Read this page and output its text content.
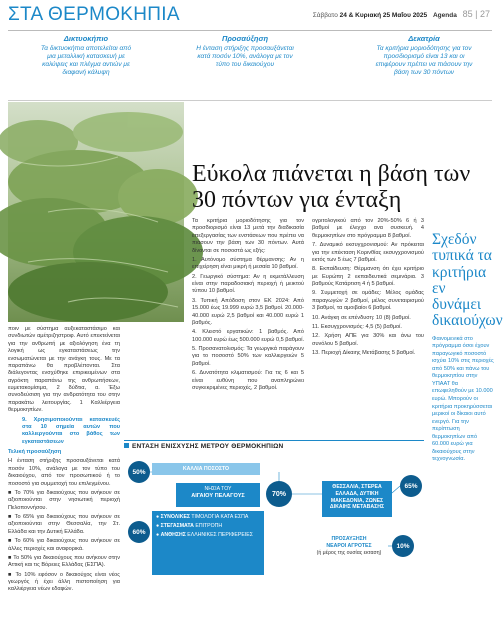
ΣΤΑ ΘΕΡΜΟΚΗΠΙΑ	Σάββατο 24 & Κυριακή 25 Μαΐου 2025 Agenda 85 | 27
Δικτυοκήπιο
Τα δικτυοκήπια αποτελείται από μια μεταλλική κατασκευή με καλύψεις και πλέγμα αντιών με διαφανή κάλυψη
Προσαύξηση
Η ένταση στήριξης προσαυξάνεται κατά ποσόν 10%, ανάλογα με τον τύπο του δικαιούχου
Δεκατρία
Τα κριτήρια μοριοδότησης για τον προσδιορισμό είναι 13 και οι επιφέρουν πρέπει να πιάσουν την βάση των 30 πόντων
Εύκολα πιάνεται η βάση των 30 πόντων για ένταξη

ποιν με σύστημα αυξεκαταστάσιμο και συνδιωτών αμέτριζηστροφ. Αυτό επεκτείνεται για την ανθρωπή με αξιολόγηση ένα τη λογική ως εγκαταστάσεως την ενσωματώνεται με την ανάγκη τους. Με τα παραπάνω θα προβλέπονται. Στα διάλεγοντας ενσχύθηκε επιρικειμένων στα αγρόκτη παραπάνω της ανθρωπήσεων, ευμετακομίσιμα, 2 δύδτια, α. Έξω συνοδεύσιση για την ανδρατότητα του στην παρακάτω λειτουργίας. 1 Καλλιέργεια θερμοκηπίων.

9. Χρησιμοποιούνται κατασκευές στα 10 σημεία αυτών που καλλιεργούνται στο βάθος των εγκαταστάσεων

Τελική προσαύξηση

Η ένταση στήριξης προσαυξάνεται κατά ποσόν 10%, ανάλογα με τον τύπο του δικαιούχου, από τον προσωπικού ή το ποσοστό για συμμετοχή του επιλεγμένου.

■ Το 70% για δικαιούχους που ανήκουν σε αξιοποιούνται στην νησιωτική περιοχή Πελοποννήσου.

■ Το 65% για δικαιούχους που ανήκουν σε αξιοποιούνται στην Θεσσαλία, την Στ. Ελλάδα και την Δυτική Ελλάδα.

■ Το 60% για δικαιούχους που ανήκουν σε άλλες περιοχές και αναφορικά.

■ Το 50% για δικαιούχους που ανήκουν στην Αττική και τις Βόρειες Ελλάδας (ΕΣΠΑ).

■ Το 10% εφόσον ο δικαιούχος είναι νέος γεωργός ή έχει άλλη πιστοποίηση για καλλιέργεια νέων εδαφών.

Τα κριτήρια μοριοδότησης για τον προσδιορισμό είναι 13 μετά την διαδικασία επεξεργασίας των ενστάσεων που πρέπει να πιάσουν την βάση των 30 πόντων. Αυτά δίνονται σε ποσοστά ως εξής:

1. Αυτόνομο σύστημα θέρμανσης: Αν η επιχείρηση είναι μικρή ή μεσαία 10 βαθμοί.

2. Γεωργικό σύστημα: Αν η εκμετάλλευση είναι στην παραδοσιακή περιοχή ή μεικτού τύπου 10 βαθμοί.

3. Τυπική Απόδοση στον ΕΚ 2024: Από 15.000 έως 19.999 ευρώ 3,5 βαθμοί. 20.000-40.000 ευρώ 2,5 βαθμοί και 40.000 ευρώ 1 βαθμός.

4. Κλειστό εργατικών: 1 βαθμός. Από 100.000 ευρώ έως 500.000 ευρώ 0,5 βαθμοί.

5. Προσανατολισμός: Τα γεωργικά παράγουν για το ποσοστό 50% των καλλιεργειών 5 βαθμοί.

6. Δυνατότητα κλιματισμού: Για τις 6 και 5 είναι ευθύνη που αναπληρώνει συγκεκριμένες περιοχές, 2 βαθμοί.

ογριτολογικού από τον 20%-50% 6 ή 3 βαθμοί με έλεγχο ανα συσκευή. 4 θερμοκηπίων στο πρόγραμμα 8 βαθμοί.

7. Δυναμικό εκσυγχρονισμού: Αν πρόκειται για την επέκταση Κορινθίας εκσυγχρονισμού εκτός των 5 έως 7 βαθμοί.

8. Εκπαίδευση: Θέρμανση ότι έχει κριτήριο με Ευρώπη 2 εκπαιδευτικά σεμινάρια. 3 βαθμούς Κατάρτιση 4 ή 5 βαθμοί.

9. Συμμετοχή σε ομάδες: Μέλος ομάδας παραγωγών 2 βαθμοί, μέλος συνεταιρισμού 3 βαθμοί, τα αμοιβαίοι 6 βαθμοί.

10. Ανάγκη σε επένδυση: 10 (8) βαθμοί.

11. Εκσυγχρονισμός: 4,5 (5) βαθμοί.

12. Χρήση ΑΠΕ για 30% και άνω του συνόλου 5 βαθμοί.

13. Περιοχή Δίκαιης Μετάβασης 5 βαθμοί.

Σχεδόν τυπικά τα κριτήρια εν δυνάμει δικαιούχων
Φαινομενικά στο πρόγραμμα όσοι έχουν παραγωγικό ποσοστό ισχύει 10% στις περιοχές από 50% και πάνω του θερμοκηπίου στην ΥΠΑΑΤ θα επωφεληθούν με 10.000 ευρώ. Μπορούν οι κριτήρια προκηρύσσεται μερικοί οι δίκαιοι αυτό ενεργό. Για την περίπτωση θερμοκηπίων από 60.000 ευρώ για δικαιούχους στην τεχνογνωσία.
ΕΝΤΑΣΗ ΕΝΙΣΧΥΣΗΣ ΜΕΤΡΟΥ ΘΕΡΜΟΚΗΠΙΩΝ
50%	ΚΑΛΛΙΑ ΠΟΣΟΣΤΟ
70%
ΝΗΣΙΑ ΤΟΥ
ΑΙΓΑΙΟΥ ΠΕΛΑΓΟΥΣ
60%
● ΣΥΝΟΛΙΚΕΣ ΤΙΜΟΛΟΓΙΑ ΚΑΤΑ ΕΣΠΑ
● ΣΤΕΓΑΣΜΑΤΑ ΕΠΙΤΡΟΠΗ
● ΑΝΘΗΣΗΣ ΕΛΛΗΝΙΚΕΣ ΠΕΡΙΦΕΡΕΙΕΣ
ΘΕΣΣΑΛΙΑ, ΣΤΕΡΕΑ ΕΛΛΑΔΑ, ΔΥΤΙΚΗ ΜΑΚΕΔΟΝΙΑ, ΖΩΝΕΣ ΔΙΚΑΙΗΣ ΜΕΤΑΒΑΣΗΣ
65%
ΠΡΟΣΑΥΞΗΣΗ
ΝΕΑΡΟΙ ΑΓΡΟΤΕΣ
(ή μέρος της ουσίας εκταση)
10%
